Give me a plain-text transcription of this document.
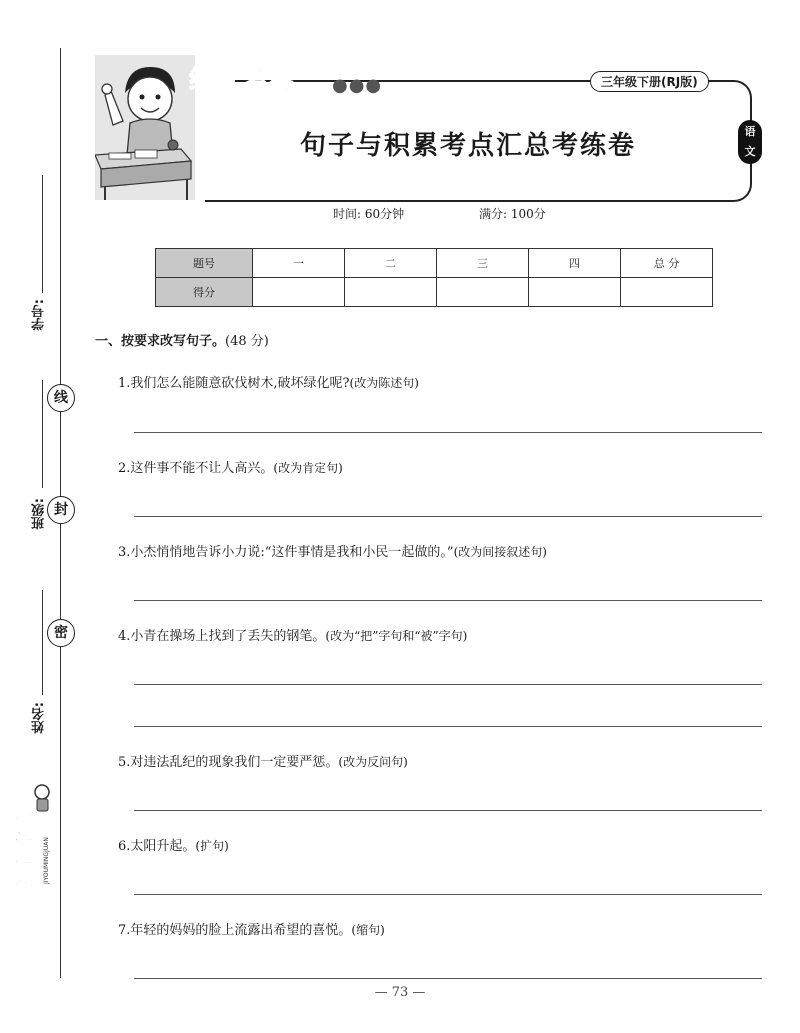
学号:
班级:
姓名:
线
封
密
绩优名卷 JIYOUMINGJUAN
绩优名卷 ●●●	三年级下册(RJ版)
句子与积累考点汇总考练卷	语
文
时间: 60分钟	满分: 100分
题号	一	二	三	四	总 分
得分					
一、按要求改写句子。(48 分)
1.我们怎么能随意砍伐树木,破坏绿化呢?(改为陈述句)
2.这件事不能不让人高兴。(改为肯定句)
3.小杰悄悄地告诉小力说:“这件事情是我和小民一起做的。”(改为间接叙述句)
4.小青在操场上找到了丢失的钢笔。(改为“把”字句和“被”字句)
5.对违法乱纪的现象我们一定要严惩。(改为反问句)
6.太阳升起。(扩句)
7.年轻的妈妈的脸上流露出希望的喜悦。(缩句)
— 73 —
